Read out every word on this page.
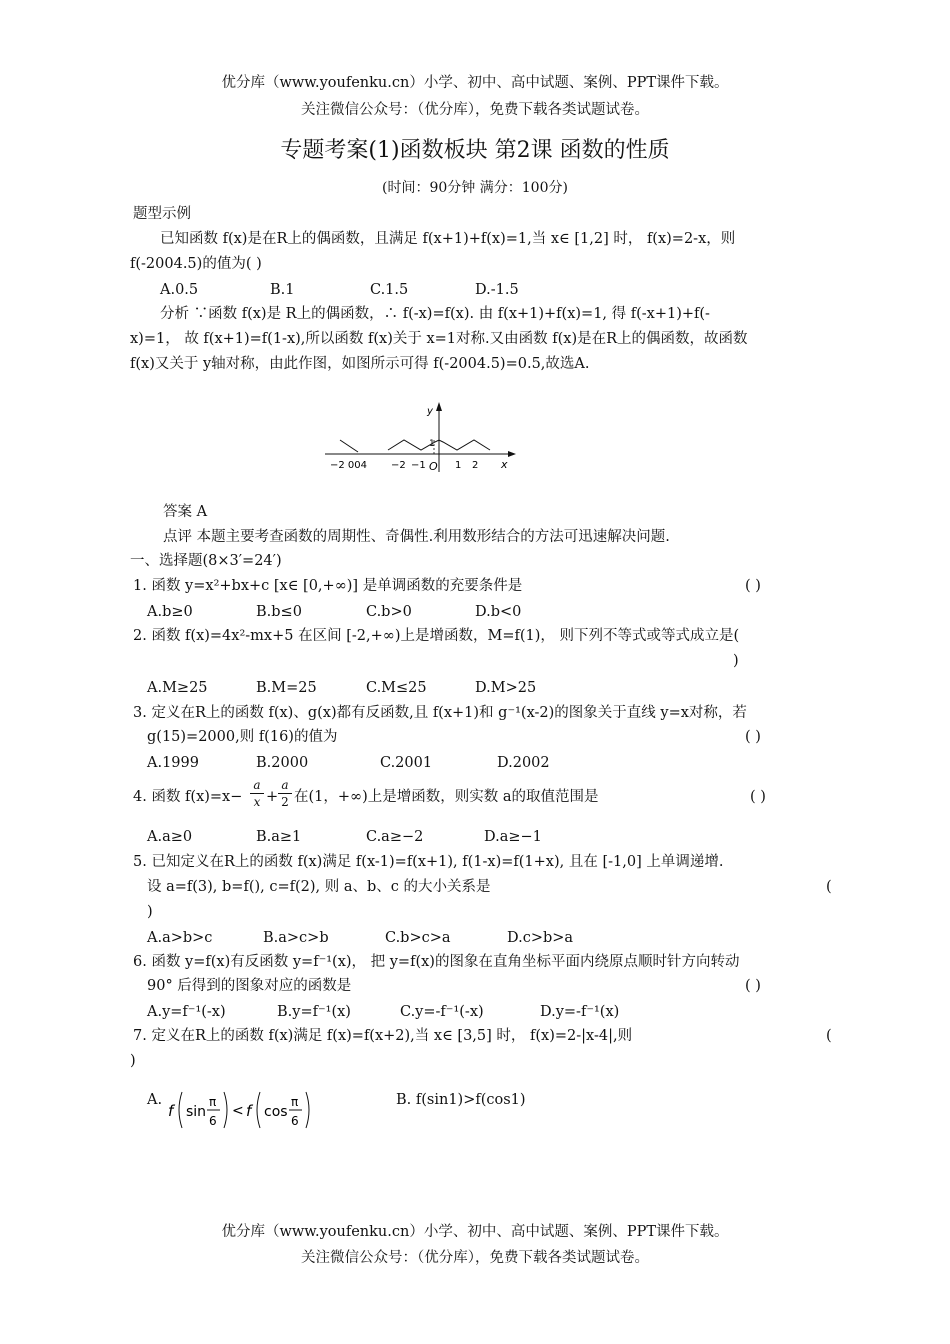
优分库（www.youfenku.cn）小学、初中、高中试题、案例、PPT课件下载。
关注微信公众号：（优分库），免费下载各类试题试卷。
专题考案(1)函数板块 第2课 函数的性质
(时间：90分钟 满分：100分)
题型示例
已知函数 f(x)是在R上的偶函数，且满足 f(x+1)+f(x)=1,当 x∈ [1,2] 时， f(x)=2-x，则
f(-2004.5)的值为( )
A.0.5	B.1	C.1.5	D.-1.5
分析 ∵函数 f(x)是 R上的偶函数，∴ f(-x)=f(x). 由 f(x+1)+f(x)=1, 得 f(-x+1)+f(-
x)=1， 故 f(x+1)=f(1-x),所以函数 f(x)关于 x=1对称.又由函数 f(x)是在R上的偶函数，故函数
f(x)又关于 y轴对称，由此作图，如图所示可得 f(-2004.5)=0.5,故选A.
y
x
1
O
−2 004 −2 −1	1 2
答案 A
点评 本题主要考查函数的周期性、奇偶性.利用数形结合的方法可迅速解决问题.
一、选择题(8×3′=24′)
1. 函数 y=x²+bx+c [x∈ [0,+∞)] 是单调函数的充要条件是	( )
A.b≥0	B.b≤0	C.b>0	D.b<0
2. 函数 f(x)=4x²-mx+5 在区间 [-2,+∞)上是增函数，M=f(1)， 则下列不等式或等式成立是(
)
A.M≥25	B.M=25	C.M≤25	D.M>25
3. 定义在R上的函数 f(x)、g(x)都有反函数,且 f(x+1)和 g⁻¹(x-2)的图象关于直线 y=x对称，若
g(15)=2000,则 f(16)的值为	( )
A.1999	B.2000	C.2001	D.2002
4. 函数 $f(x)=x- \frac{a}{x} + \frac{a}{2}$ 在(1，+∞)上是增函数，则实数 a的取值范围是	( )
A.a≥0	B.a≥1	C.a≥−2	D.a≥−1
5. 已知定义在R上的函数 f(x)满足 f(x-1)=f(x+1), f(1-x)=f(1+x), 且在 [-1,0] 上单调递增.
设 a=f(3), b=f(), c=f(2), 则 a、b、c 的大小关系是	(
)
A.a>b>c	B.a>c>b	C.b>c>a	D.c>b>a
6. 函数 y=f(x)有反函数 y=f⁻¹(x)， 把 y=f(x)的图象在直角坐标平面内绕原点顺时针方向转动
90° 后得到的图象对应的函数是	( )
A.y=f⁻¹(-x)	B.y=f⁻¹(x)	C.y=-f⁻¹(-x)	D.y=-f⁻¹(x)
7. 定义在R上的函数 f(x)满足 f(x)=f(x+2),当 x∈ [3,5] 时， f(x)=2-|x-4|,则	(
)
A.
f sin
π
6
< f cos
π
6
B. f(sin1)>f(cos1)
优分库（www.youfenku.cn）小学、初中、高中试题、案例、PPT课件下载。
关注微信公众号：（优分库），免费下载各类试题试卷。
